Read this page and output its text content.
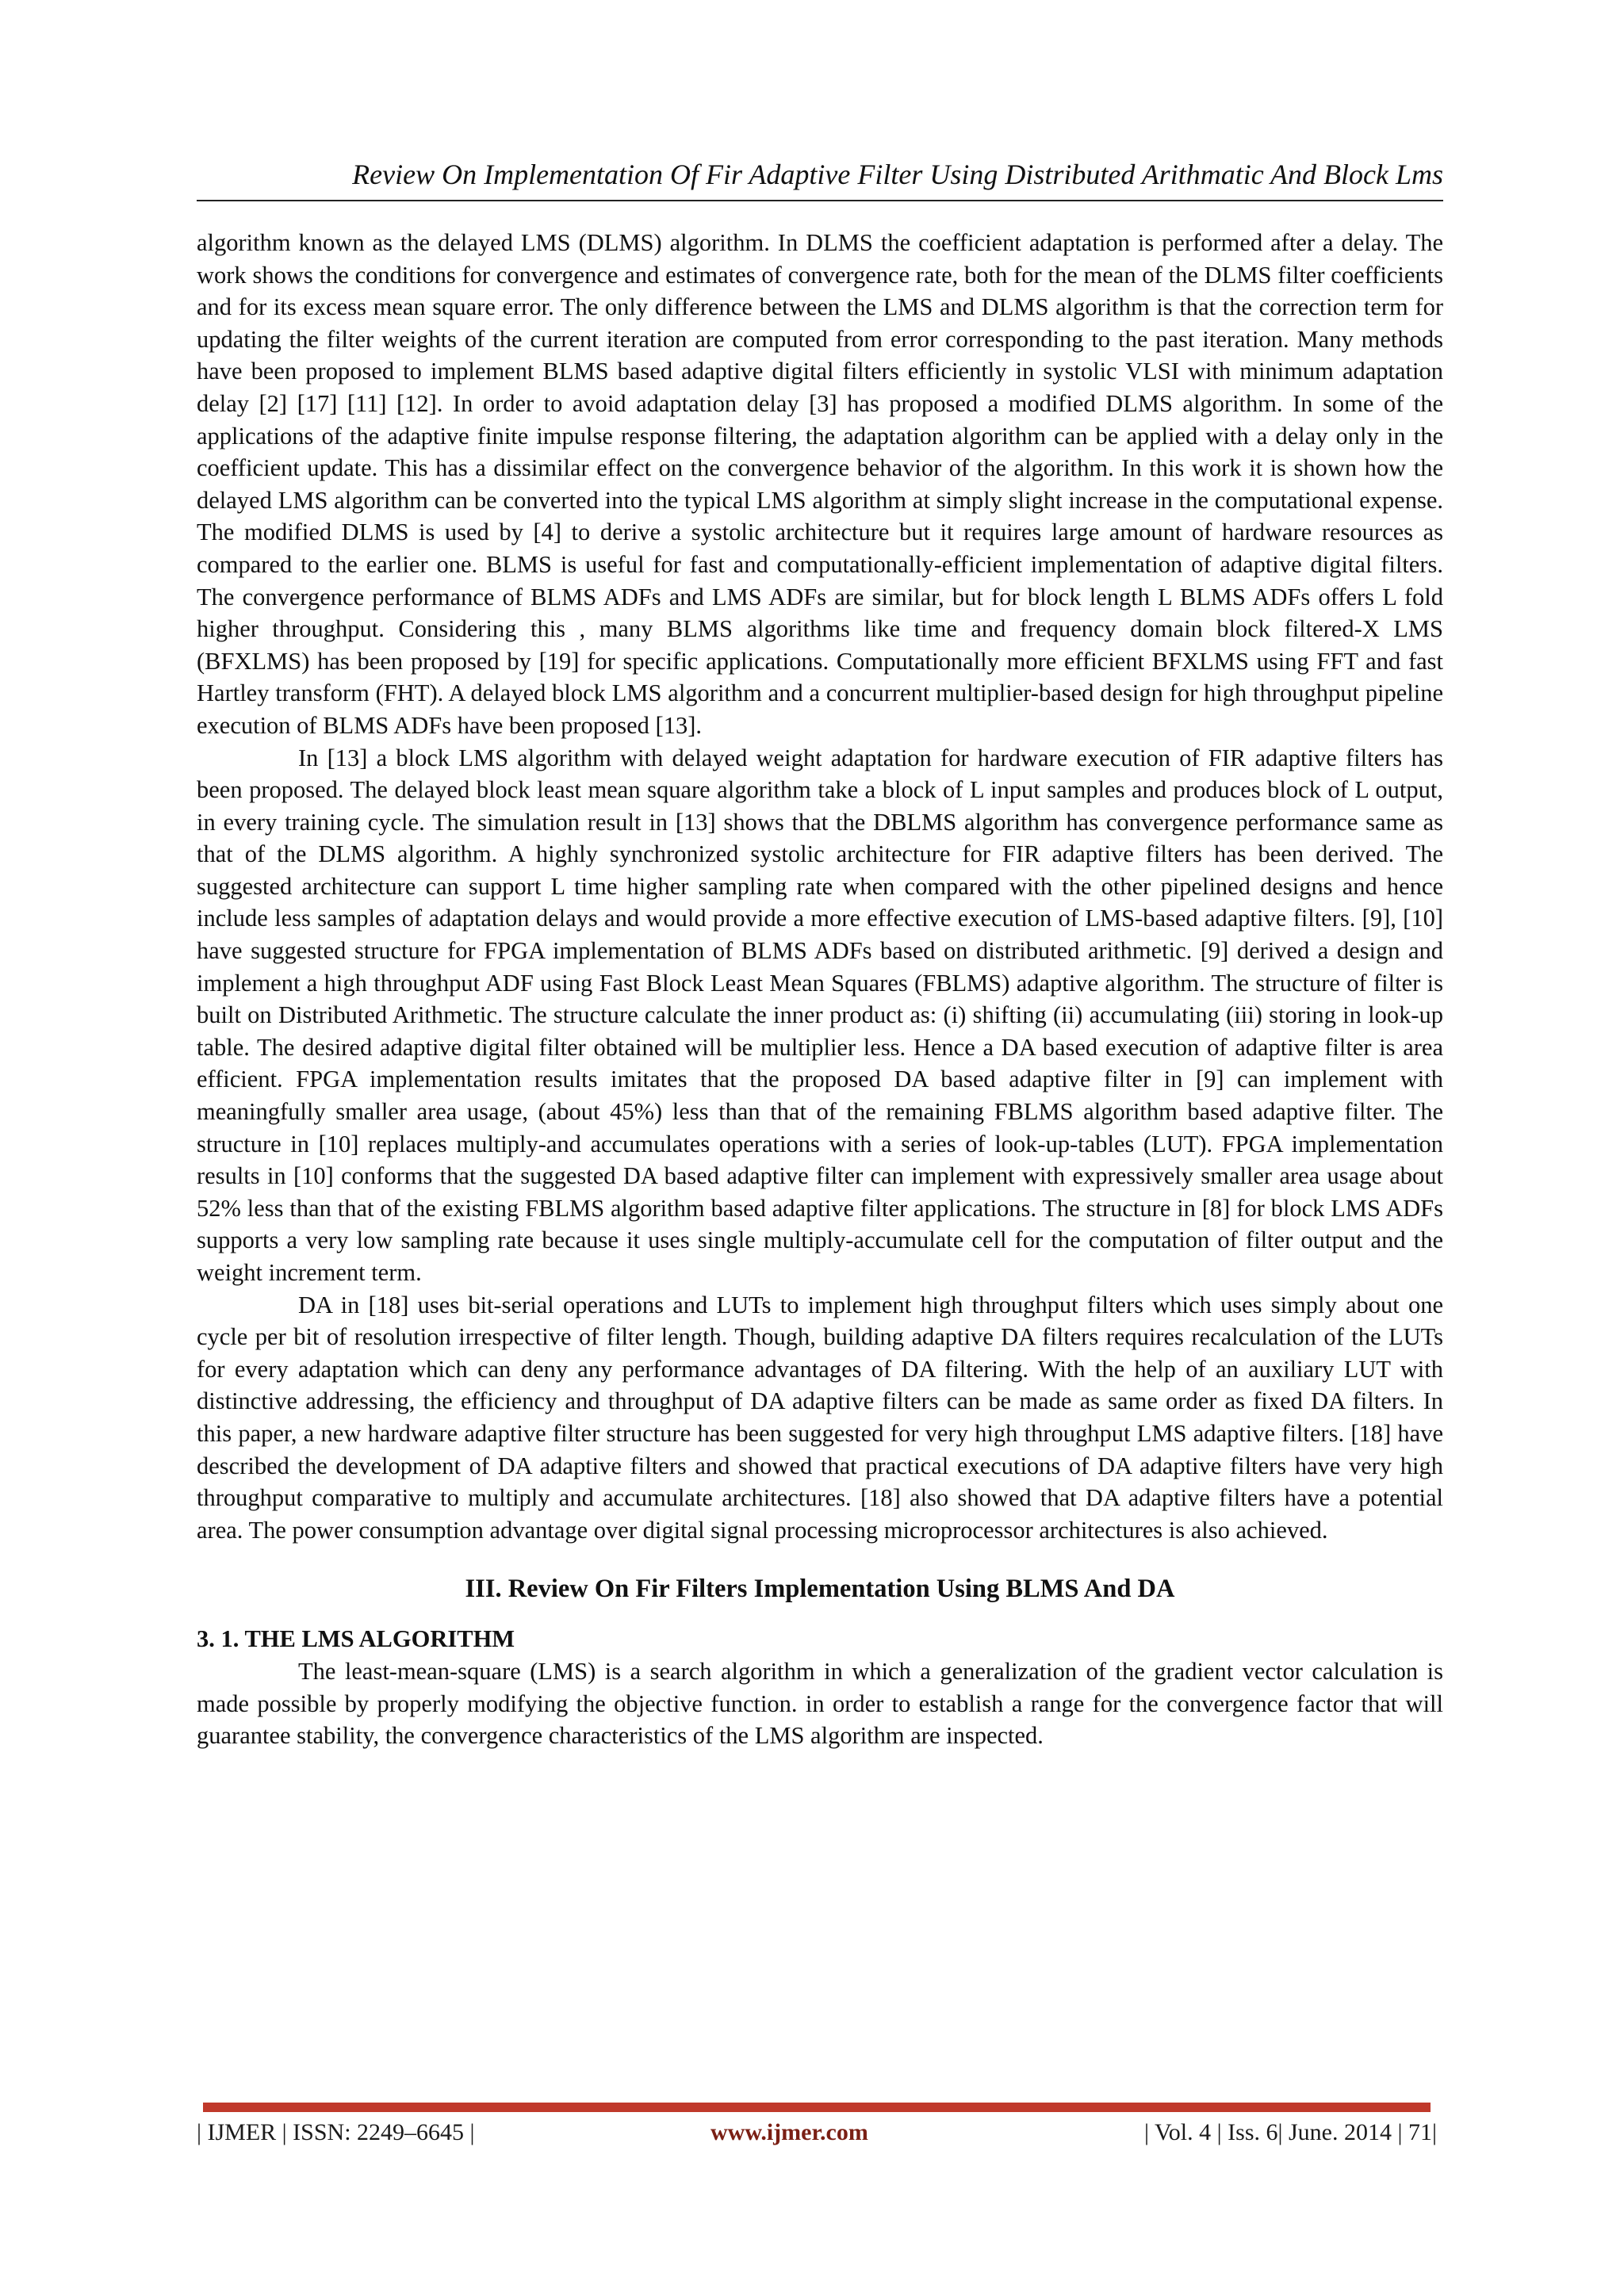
Review On Implementation Of Fir Adaptive Filter Using Distributed Arithmatic And Block Lms

algorithm known as the delayed LMS (DLMS) algorithm. In DLMS the coefficient adaptation is performed after a delay. The work shows the conditions for convergence and estimates of convergence rate, both for the mean of the DLMS filter coefficients and for its excess mean square error. The only difference between the LMS and DLMS algorithm is that the correction term for updating the filter weights of the current iteration are computed from error corresponding to the past iteration. Many methods have been proposed to implement BLMS based adaptive digital filters efficiently in systolic VLSI with minimum adaptation delay [2] [17] [11] [12]. In order to avoid adaptation delay [3] has proposed a modified DLMS algorithm. In some of the applications of the adaptive finite impulse response filtering, the adaptation algorithm can be applied with a delay only in the coefficient update. This has a dissimilar effect on the convergence behavior of the algorithm. In this work it is shown how the delayed LMS algorithm can be converted into the typical LMS algorithm at simply slight increase in the computational expense. The modified DLMS is used by [4] to derive a systolic architecture but it requires large amount of hardware resources as compared to the earlier one. BLMS is useful for fast and computationally-efficient implementation of adaptive digital filters. The convergence performance of BLMS ADFs and LMS ADFs are similar, but for block length L BLMS ADFs offers L fold higher throughput. Considering this , many BLMS algorithms like time and frequency domain block filtered-X LMS (BFXLMS) has been proposed by [19] for specific applications. Computationally more efficient BFXLMS using FFT and fast Hartley transform (FHT). A delayed block LMS algorithm and a concurrent multiplier-based design for high throughput pipeline execution of BLMS ADFs have been proposed [13].

In [13] a block LMS algorithm with delayed weight adaptation for hardware execution of FIR adaptive filters has been proposed. The delayed block least mean square algorithm take a block of L input samples and produces block of L output, in every training cycle. The simulation result in [13] shows that the DBLMS algorithm has convergence performance same as that of the DLMS algorithm. A highly synchronized systolic architecture for FIR adaptive filters has been derived. The suggested architecture can support L time higher sampling rate when compared with the other pipelined designs and hence include less samples of adaptation delays and would provide a more effective execution of LMS-based adaptive filters. [9], [10] have suggested structure for FPGA implementation of BLMS ADFs based on distributed arithmetic. [9] derived a design and implement a high throughput ADF using Fast Block Least Mean Squares (FBLMS) adaptive algorithm. The structure of filter is built on Distributed Arithmetic. The structure calculate the inner product as: (i) shifting (ii) accumulating (iii) storing in look-up table. The desired adaptive digital filter obtained will be multiplier less. Hence a DA based execution of adaptive filter is area efficient. FPGA implementation results imitates that the proposed DA based adaptive filter in [9] can implement with meaningfully smaller area usage, (about 45%) less than that of the remaining FBLMS algorithm based adaptive filter. The structure in [10] replaces multiply-and accumulates operations with a series of look-up-tables (LUT). FPGA implementation results in [10] conforms that the suggested DA based adaptive filter can implement with expressively smaller area usage about 52% less than that of the existing FBLMS algorithm based adaptive filter applications. The structure in [8] for block LMS ADFs supports a very low sampling rate because it uses single multiply-accumulate cell for the computation of filter output and the weight increment term.

DA in [18] uses bit-serial operations and LUTs to implement high throughput filters which uses simply about one cycle per bit of resolution irrespective of filter length. Though, building adaptive DA filters requires recalculation of the LUTs for every adaptation which can deny any performance advantages of DA filtering. With the help of an auxiliary LUT with distinctive addressing, the efficiency and throughput of DA adaptive filters can be made as same order as fixed DA filters. In this paper, a new hardware adaptive filter structure has been suggested for very high throughput LMS adaptive filters. [18] have described the development of DA adaptive filters and showed that practical executions of DA adaptive filters have very high throughput comparative to multiply and accumulate architectures. [18] also showed that DA adaptive filters have a potential area. The power consumption advantage over digital signal processing microprocessor architectures is also achieved.

III. Review On Fir Filters Implementation Using BLMS And DA
3. 1. THE LMS ALGORITHM

The least-mean-square (LMS) is a search algorithm in which a generalization of the gradient vector calculation is made possible by properly modifying the objective function. in order to establish a range for the convergence factor that will guarantee stability, the convergence characteristics of the LMS algorithm are inspected.

| IJMER | ISSN: 2249–6645 |	www.ijmer.com	| Vol. 4 | Iss. 6| June. 2014 | 71|
